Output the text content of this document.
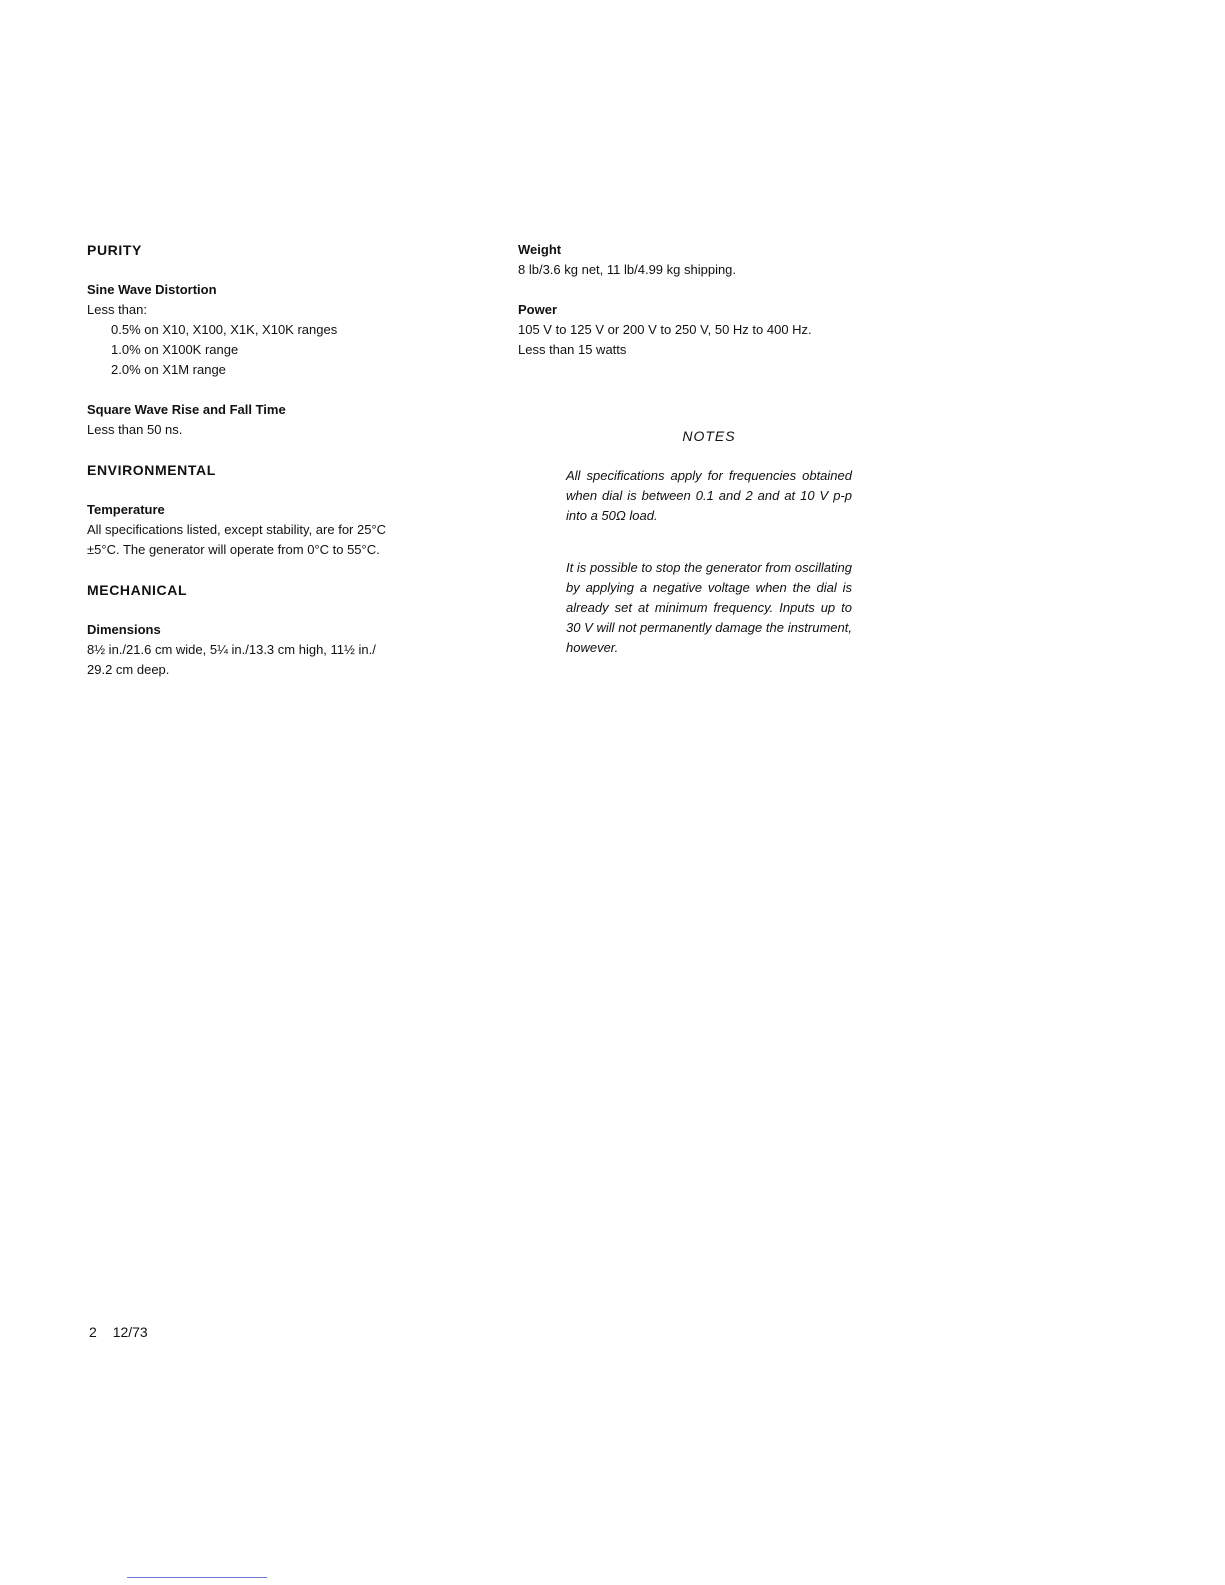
PURITY

Sine Wave Distortion

Less than:

0.5% on X10, X100, X1K, X10K ranges

1.0% on X100K range

2.0% on X1M range

Square Wave Rise and Fall Time

Less than 50 ns.

ENVIRONMENTAL

Temperature

All specifications listed, except stability, are for 25°C

±5°C. The generator will operate from 0°C to 55°C.

MECHANICAL

Dimensions

8½ in./21.6 cm wide, 5¼ in./13.3 cm high, 11½ in./

29.2 cm deep.

Weight

8 lb/3.6 kg net, 11 lb/4.99 kg shipping.

Power

105 V to 125 V or 200 V to 250 V, 50 Hz to 400 Hz.

Less than 15 watts

NOTES

All specifications apply for frequencies obtained when dial is between 0.1 and 2 and at 10 V p-p into a 50Ω load.

It is possible to stop the generator from oscillating by applying a negative voltage when the dial is already set at minimum frequency. Inputs up to 30 V will not permanently damage the instrument, however.

2 12/73
